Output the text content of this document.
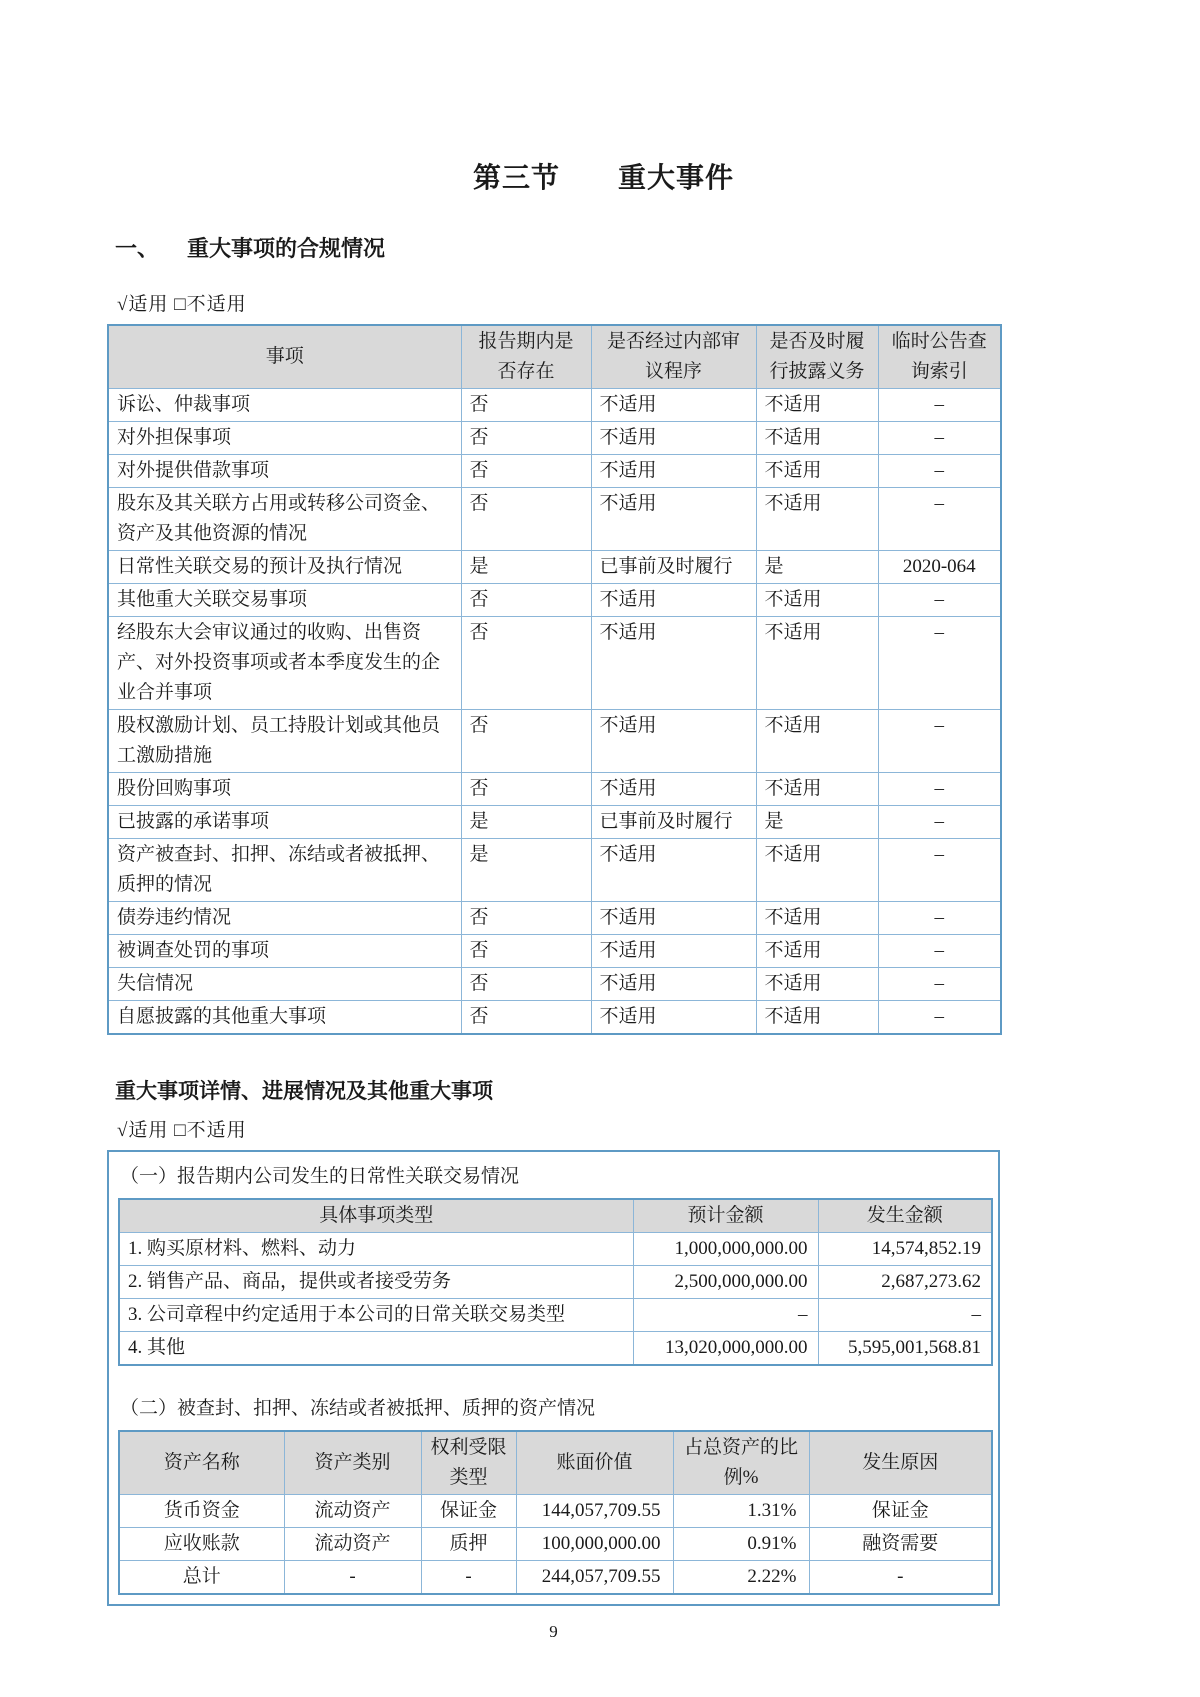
第三节　　重大事件
一、	重大事项的合规情况
√适用 □不适用
事项	报告期内是否存在	是否经过内部审议程序	是否及时履行披露义务	临时公告查询索引
诉讼、仲裁事项	否	不适用	不适用	–
对外担保事项	否	不适用	不适用	–
对外提供借款事项	否	不适用	不适用	–
股东及其关联方占用或转移公司资金、资产及其他资源的情况	否	不适用	不适用	–
日常性关联交易的预计及执行情况	是	已事前及时履行	是	2020-064
其他重大关联交易事项	否	不适用	不适用	–
经股东大会审议通过的收购、出售资产、对外投资事项或者本季度发生的企业合并事项	否	不适用	不适用	–
股权激励计划、员工持股计划或其他员工激励措施	否	不适用	不适用	–
股份回购事项	否	不适用	不适用	–
已披露的承诺事项	是	已事前及时履行	是	–
资产被查封、扣押、冻结或者被抵押、质押的情况	是	不适用	不适用	–
债券违约情况	否	不适用	不适用	–
被调查处罚的事项	否	不适用	不适用	–
失信情况	否	不适用	不适用	–
自愿披露的其他重大事项	否	不适用	不适用	–
重大事项详情、进展情况及其他重大事项
√适用 □不适用
（一）报告期内公司发生的日常性关联交易情况
具体事项类型	预计金额	发生金额
1. 购买原材料、燃料、动力	1,000,000,000.00	14,574,852.19
2. 销售产品、商品，提供或者接受劳务	2,500,000,000.00	2,687,273.62
3. 公司章程中约定适用于本公司的日常关联交易类型	–	–
4. 其他	13,020,000,000.00	5,595,001,568.81
（二）被查封、扣押、冻结或者被抵押、质押的资产情况
资产名称	资产类别	权利受限类型	账面价值	占总资产的比例%	发生原因
货币资金	流动资产	保证金	144,057,709.55	1.31%	保证金
应收账款	流动资产	质押	100,000,000.00	0.91%	融资需要
总计	-	-	244,057,709.55	2.22%	-
9
